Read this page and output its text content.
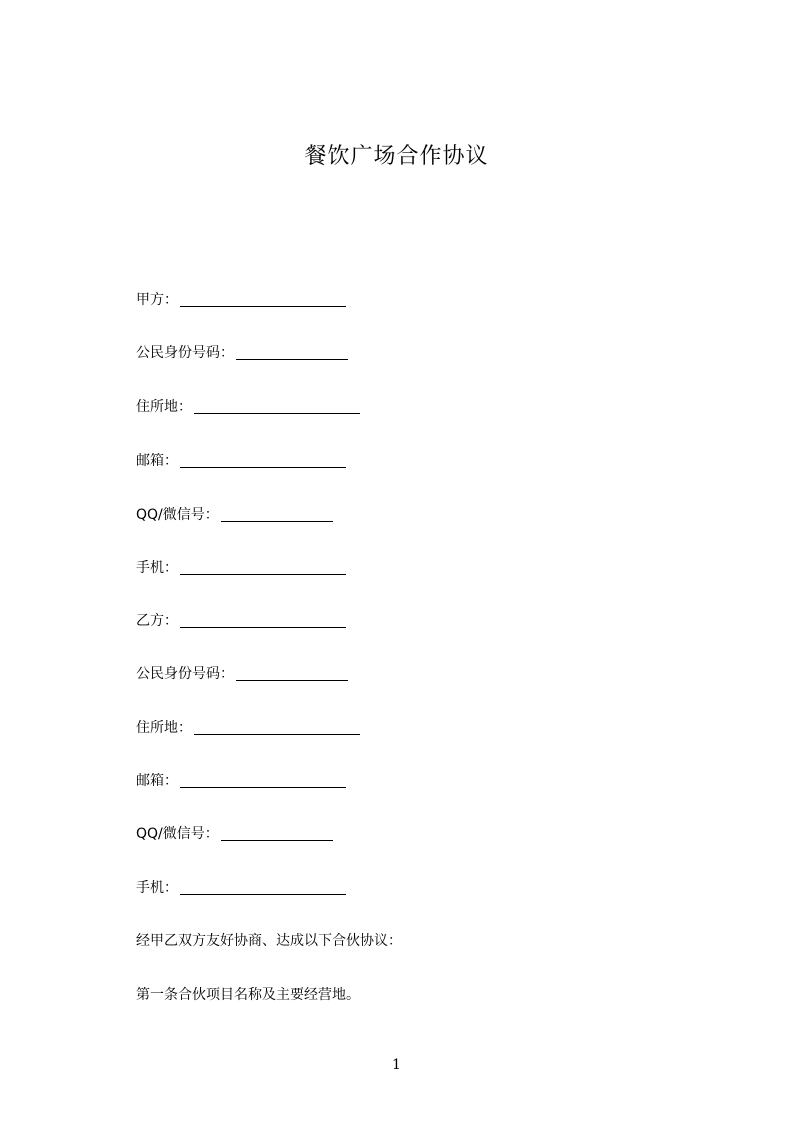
餐饮广场合作协议
甲方：
公民身份号码：
住所地：
邮箱：
QQ/微信号：
手机：
乙方：
公民身份号码：
住所地：
邮箱：
QQ/微信号：
手机：
经甲乙双方友好协商、达成以下合伙协议：
第一条合伙项目名称及主要经营地。
1
